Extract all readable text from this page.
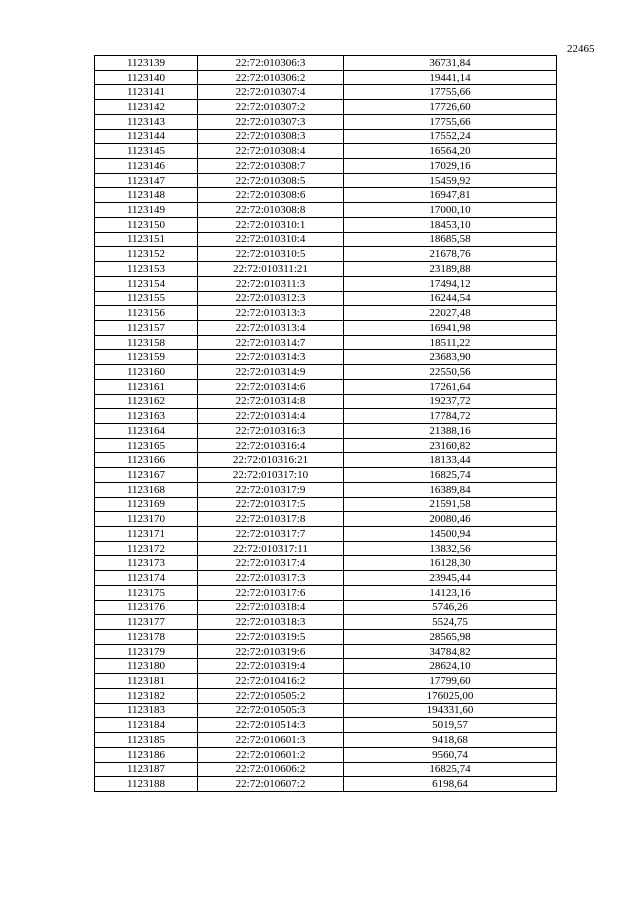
22465
1123139	22:72:010306:3	36731,84
1123140	22:72:010306:2	19441,14
1123141	22:72:010307:4	17755,66
1123142	22:72:010307:2	17726,60
1123143	22:72:010307:3	17755,66
1123144	22:72:010308:3	17552,24
1123145	22:72:010308:4	16564,20
1123146	22:72:010308:7	17029,16
1123147	22:72:010308:5	15459,92
1123148	22:72:010308:6	16947,81
1123149	22:72:010308:8	17000,10
1123150	22:72:010310:1	18453,10
1123151	22:72:010310:4	18685,58
1123152	22:72:010310:5	21678,76
1123153	22:72:010311:21	23189,88
1123154	22:72:010311:3	17494,12
1123155	22:72:010312:3	16244,54
1123156	22:72:010313:3	22027,48
1123157	22:72:010313:4	16941,98
1123158	22:72:010314:7	18511,22
1123159	22:72:010314:3	23683,90
1123160	22:72:010314:9	22550,56
1123161	22:72:010314:6	17261,64
1123162	22:72:010314:8	19237,72
1123163	22:72:010314:4	17784,72
1123164	22:72:010316:3	21388,16
1123165	22:72:010316:4	23160,82
1123166	22:72:010316:21	18133,44
1123167	22:72:010317:10	16825,74
1123168	22:72:010317:9	16389,84
1123169	22:72:010317:5	21591,58
1123170	22:72:010317:8	20080,46
1123171	22:72:010317:7	14500,94
1123172	22:72:010317:11	13832,56
1123173	22:72:010317:4	16128,30
1123174	22:72:010317:3	23945,44
1123175	22:72:010317:6	14123,16
1123176	22:72:010318:4	5746,26
1123177	22:72:010318:3	5524,75
1123178	22:72:010319:5	28565,98
1123179	22:72:010319:6	34784,82
1123180	22:72:010319:4	28624,10
1123181	22:72:010416:2	17799,60
1123182	22:72:010505:2	176025,00
1123183	22:72:010505:3	194331,60
1123184	22:72:010514:3	5019,57
1123185	22:72:010601:3	9418,68
1123186	22:72:010601:2	9560,74
1123187	22:72:010606:2	16825,74
1123188	22:72:010607:2	6198,64
